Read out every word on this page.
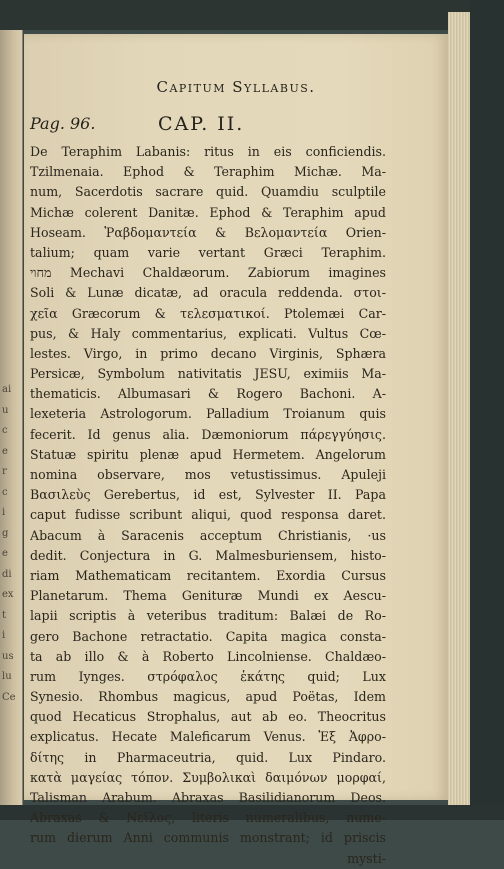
ai
u
c
e
r
c
i
g
e
di
ex
t
i
us
lu
Ce
Capitum Syllabus.
Pag. 96.	CAP. II.
De Teraphim Labanis: ritus in eis conficiendis.
Tzilmenaia. Ephod & Teraphim Michæ. Ma-
num, Sacerdotis sacrare quid. Quamdiu sculptile
Michæ colerent Danitæ. Ephod & Teraphim apud
Hoseam. Ῥαβδομαντεία & Βελομαντεία Orien-
talium; quam varie vertant Græci Teraphim.
מחוי Mechavi Chaldæorum. Zabiorum imagines
Soli & Lunæ dicatæ, ad oracula reddenda. στοι-
χεῖα Græcorum & τελεσματικοί. Ptolemæi Car-
pus, & Haly commentarius, explicati. Vultus Cœ-
lestes. Virgo, in primo decano Virginis, Sphæra
Persicæ, Symbolum nativitatis JESU, eximiis Ma-
thematicis. Albumasari & Rogero Bachoni. A-
lexeteria Astrologorum. Palladium Troianum quis
fecerit. Id genus alia. Dæmoniorum πάρεγγύησις.
Statuæ spiritu plenæ apud Hermetem. Angelorum
nomina observare, mos vetustissimus. Apuleji
Βασιλεὺς Gerebertus, id est, Sylvester II. Papa
caput fudisse scribunt aliqui, quod responsa daret.
Abacum à Saracenis acceptum Christianis, ·us
dedit. Conjectura in G. Malmesburiensem, histo-
riam Mathematicam recitantem. Exordia Cursus
Planetarum. Thema Genituræ Mundi ex Aescu-
lapii scriptis à veteribus traditum: Balæi de Ro-
gero Bachone retractatio. Capita magica consta-
ta ab illo & à Roberto Lincolniense. Chaldæo-
rum Iynges. στρόφαλος ἑκάτης quid; Lux
Synesio. Rhombus magicus, apud Poëtas, Idem
quod Hecaticus Strophalus, aut ab eo. Theocritus
explicatus. Hecate Maleficarum Venus. Ἐξ Ἀφρο-
δίτης in Pharmaceutria, quid. Lux Pindaro.
κατὰ μαγείας τόπον. Συμβολικαὶ δαιμόνων μορφαί,
Talisman Arabum. Abraxas Basilidianorum Deos.
Abraxas & Νεῖλος, literis numeralibus, nume-
rum dierum Anni communis monstrant; id priscis
mysti-
